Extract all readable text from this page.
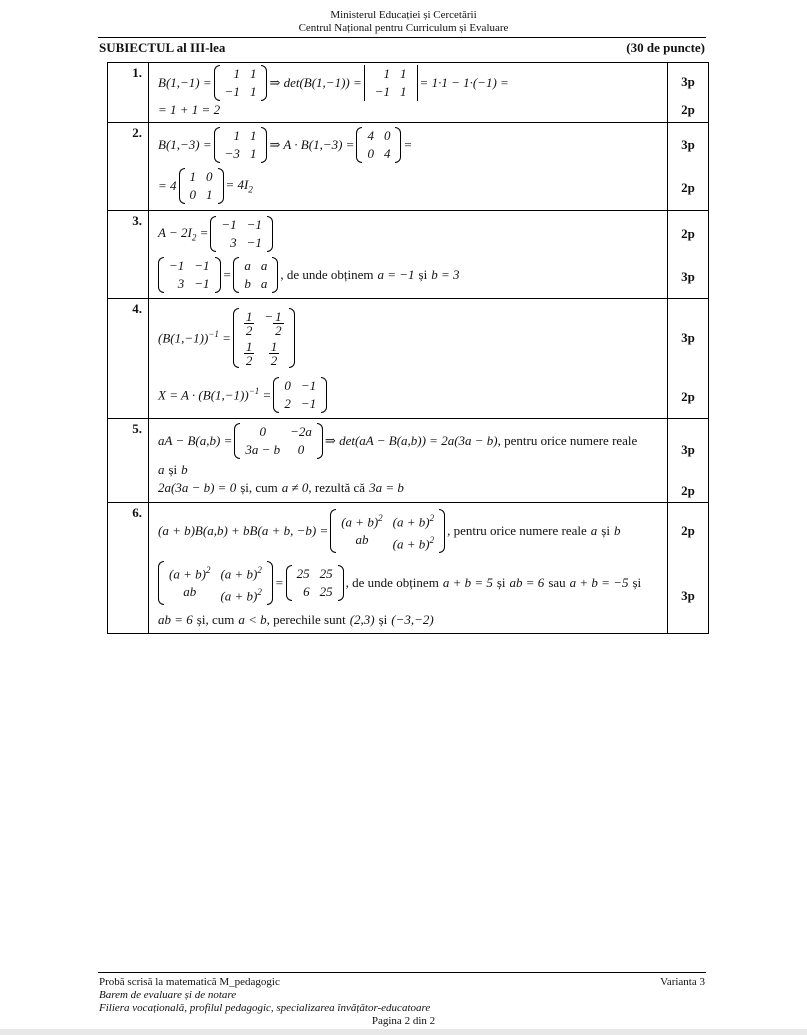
Ministerul Educației și Cercetării
Centrul Național pentru Curriculum și Evaluare
SUBIECTUL al III-lea	(30 de puncte)
1.	
B(1,−1) =
1	1
−1	1
⇒ det(B(1,−1)) =
1	1
−1	1
= 1·1 − 1·(−1) =
= 1 + 1 = 2

3p
2p

2.	
B(1,−3) =
1	1
−3	1
⇒ A · B(1,−3) =
4	0
0	4
=
= 4
1	0
0	1
= $4I_2$

3p
2p

3.	
$A - 2I_2$ =
−1	−1
3	−1
−1	−1
3	−1
=
a	a
b	a
, de unde obținem a = −1 și b = 3

2p
3p

4.	
$(B(1,-1))^{-1}$ =
$\frac{1}{2}$	− $\frac{1}{2}$

$\frac{1}{2}$	$\frac{1}{2}$
$X = A \cdot (B(1,-1))^{-1}$ =
0	−1
2	−1

3p
2p

5.	
aA − B(a,b) =
0	−2a
3a − b	0
⇒ det(aA − B(a,b)) = 2a(3a − b) , pentru orice numere reale
a și b
2a(3a − b) = 0 și, cum a ≠ 0 , rezultă că 3a = b

3p
2p

6.	
(a + b)B(a,b) + bB(a + b, −b) =
$(a + b)^2$	$(a + b)^2$
ab	$(a + b)^2$
, pentru orice numere reale a și b
$(a + b)^2$	$(a + b)^2$
ab	$(a + b)^2$
=
25	25
6	25
, de unde obținem a + b = 5 și ab = 6 sau a + b = −5 și
ab = 6 și, cum a < b , perechile sunt (2,3) și (−3,−2)

2p
3p
Probă scrisă la matematică M_pedagogic	Varianta 3
Barem de evaluare și de notare
Filiera vocațională, profilul pedagogic, specializarea învățător-educatoare
Pagina 2 din 2
